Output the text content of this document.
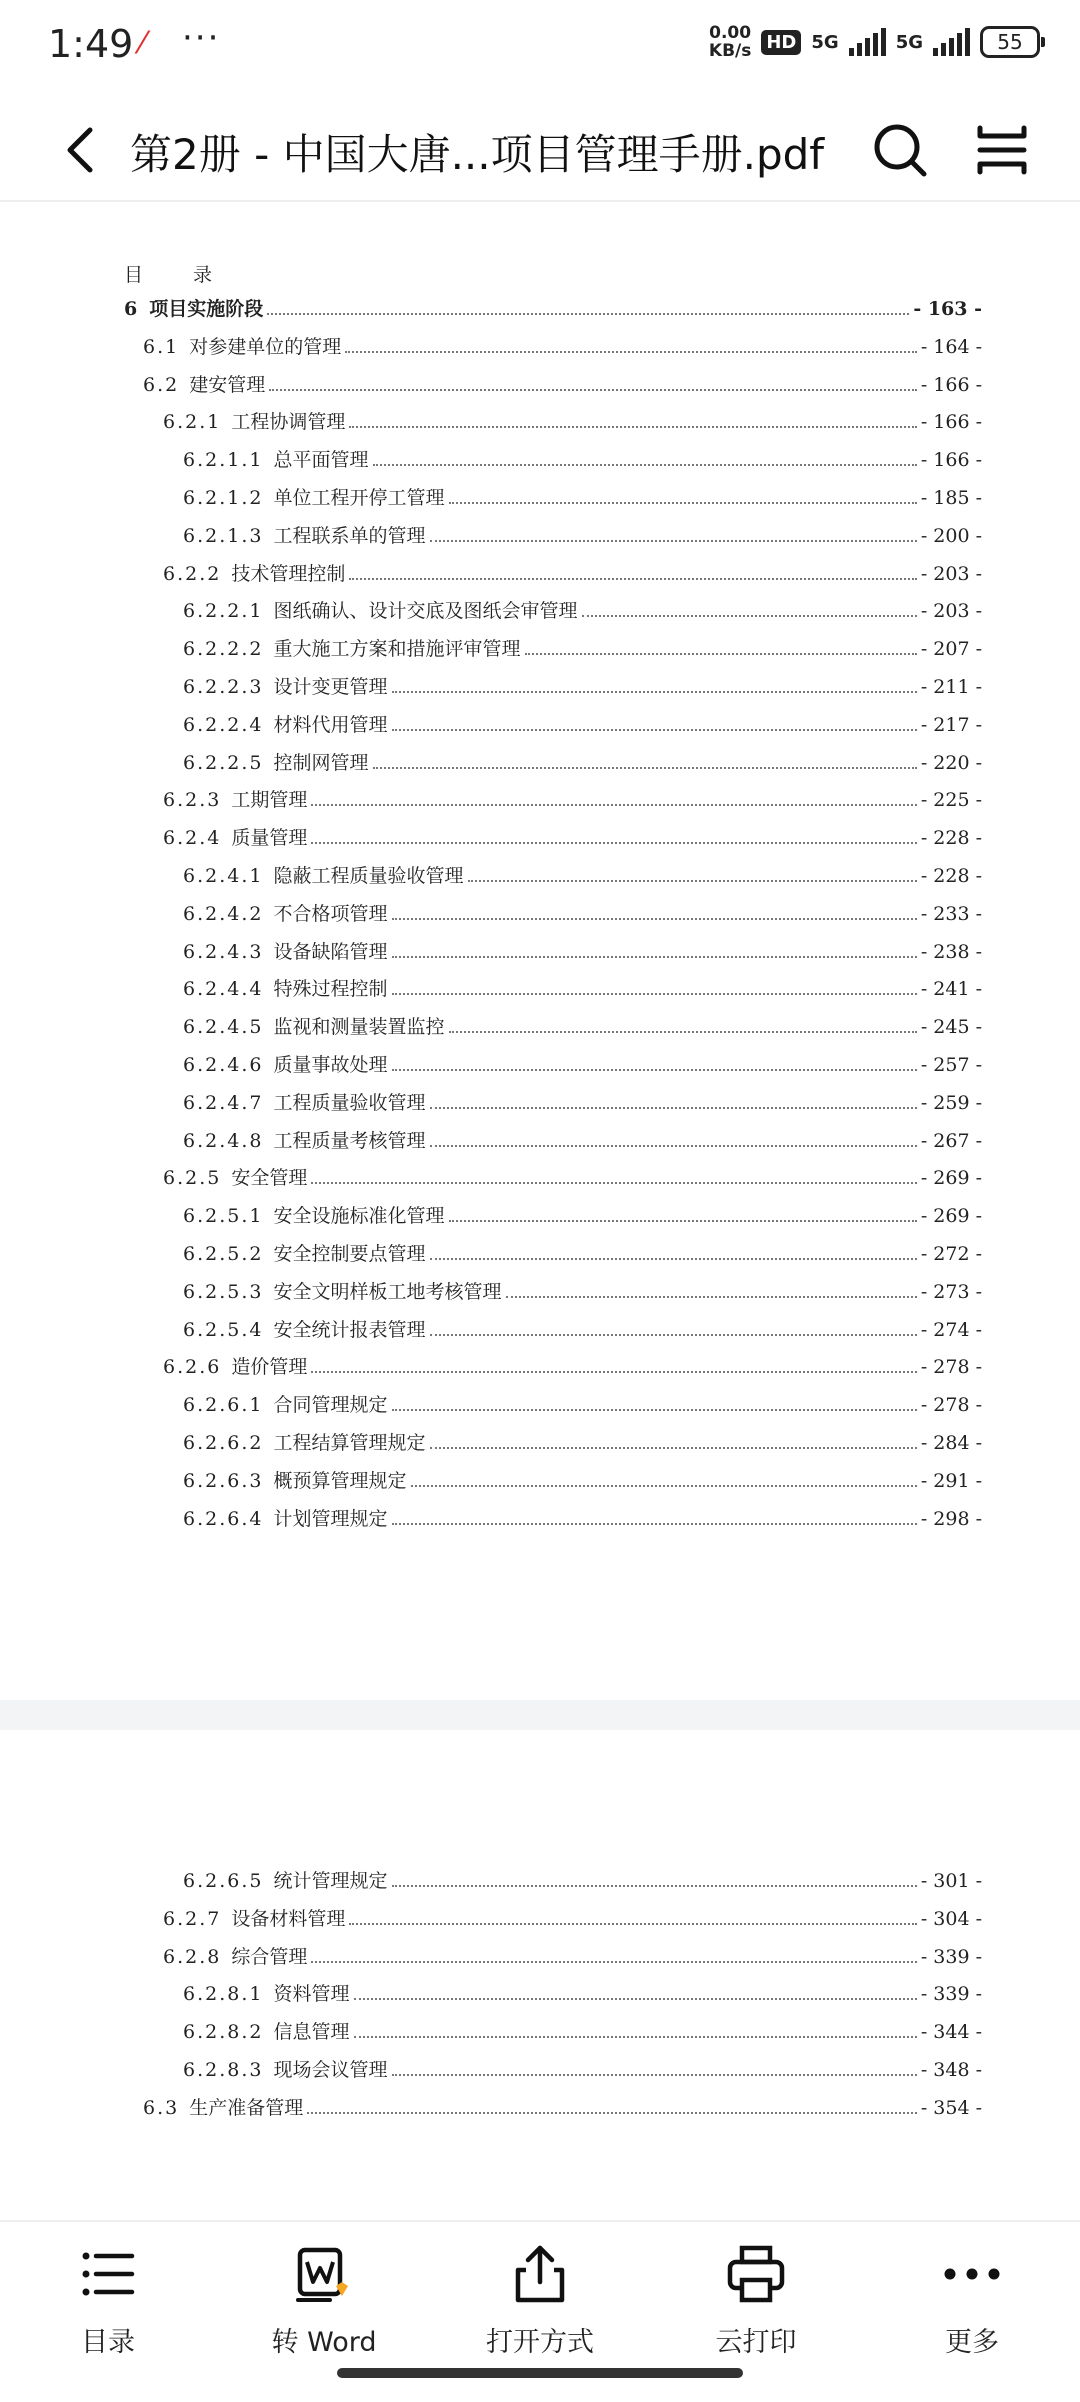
1:49 ⁄ ···	0.00
KB/s HD 5G	5G	55
第2册 - 中国大唐...项目管理手册.pdf
目 录
6 项目实施阶段	- 163 -
6.1 对参建单位的管理	- 164 -
6.2 建安管理	- 166 -
6.2.1 工程协调管理	- 166 -
6.2.1.1 总平面管理	- 166 -
6.2.1.2 单位工程开停工管理	- 185 -
6.2.1.3 工程联系单的管理	- 200 -
6.2.2 技术管理控制	- 203 -
6.2.2.1 图纸确认、设计交底及图纸会审管理	- 203 -
6.2.2.2 重大施工方案和措施评审管理	- 207 -
6.2.2.3 设计变更管理	- 211 -
6.2.2.4 材料代用管理	- 217 -
6.2.2.5 控制网管理	- 220 -
6.2.3 工期管理	- 225 -
6.2.4 质量管理	- 228 -
6.2.4.1 隐蔽工程质量验收管理	- 228 -
6.2.4.2 不合格项管理	- 233 -
6.2.4.3 设备缺陷管理	- 238 -
6.2.4.4 特殊过程控制	- 241 -
6.2.4.5 监视和测量装置监控	- 245 -
6.2.4.6 质量事故处理	- 257 -
6.2.4.7 工程质量验收管理	- 259 -
6.2.4.8 工程质量考核管理	- 267 -
6.2.5 安全管理	- 269 -
6.2.5.1 安全设施标准化管理	- 269 -
6.2.5.2 安全控制要点管理	- 272 -
6.2.5.3 安全文明样板工地考核管理	- 273 -
6.2.5.4 安全统计报表管理	- 274 -
6.2.6 造价管理	- 278 -
6.2.6.1 合同管理规定	- 278 -
6.2.6.2 工程结算管理规定	- 284 -
6.2.6.3 概预算管理规定	- 291 -
6.2.6.4 计划管理规定	- 298 -
6.2.6.5 统计管理规定	- 301 -
6.2.7 设备材料管理	- 304 -
6.2.8 综合管理	- 339 -
6.2.8.1 资料管理	- 339 -
6.2.8.2 信息管理	- 344 -
6.2.8.3 现场会议管理	- 348 -
6.3 生产准备管理	- 354 -
目录	转 Word	打开方式	云打印	更多
